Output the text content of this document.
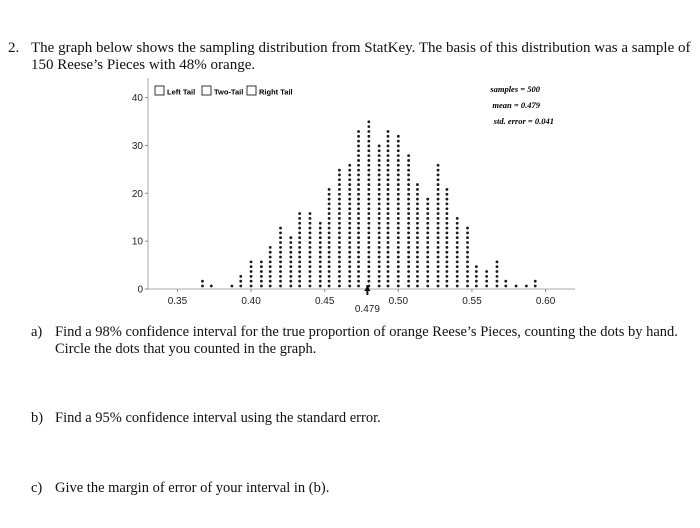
2. The graph below shows the sampling distribution from StatKey. The basis of this distribution was a sample of 150 Reese’s Pieces with 48% orange.
Left Tail	Two-Tail Right Tail	samples = 500
mean = 0.479
std. error = 0.041
0
10
20
30
40
0.35	0.40	0.45	0.50	0.55	0.60
0.479
a) Find a 98% confidence interval for the true proportion of orange Reese’s Pieces, counting the dots by hand. Circle the dots that you counted in the graph.
b) Find a 95% confidence interval using the standard error.
c) Give the margin of error of your interval in (b).
